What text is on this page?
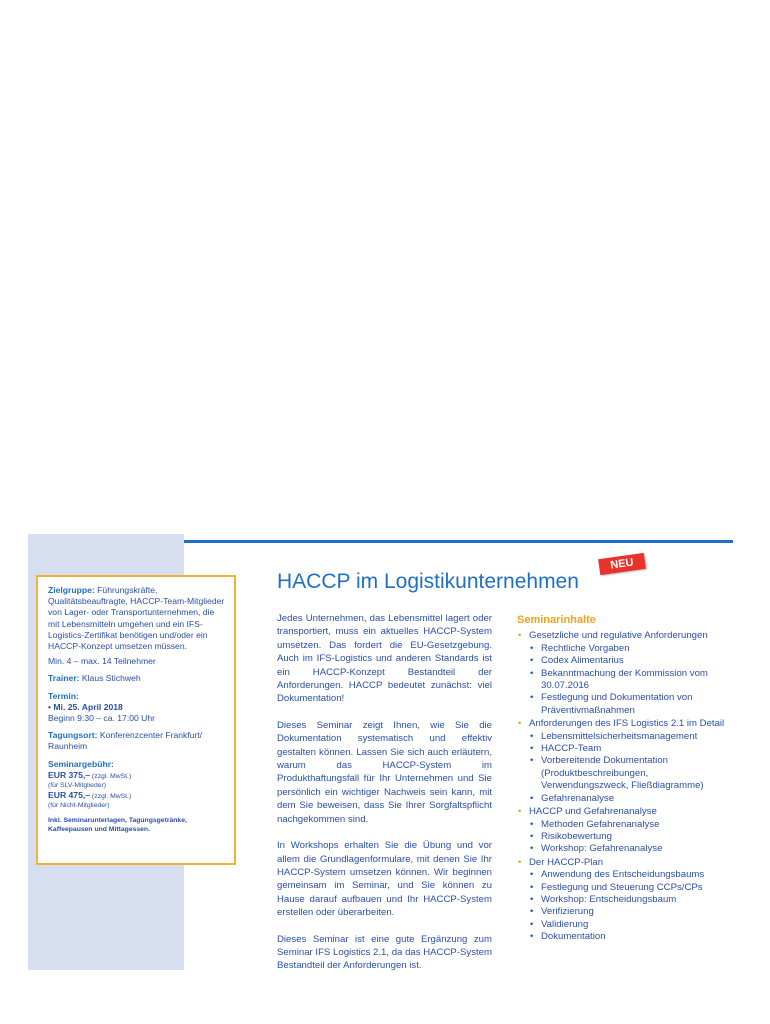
Zielgruppe: Führungskräfte, Qualitätsbeauftragte, HACCP-Team-Mitglieder von Lager- oder Transportunternehmen, die mit Lebensmitteln umgehen und ein IFS-Logistics-Zertifikat benötigen und/oder ein HACCP-Konzept umsetzen müssen.

Min. 4 – max. 14 Teilnehmer

Trainer: Klaus Stichweh

Termin:

• Mi. 25. April 2018

Beginn 9:30 – ca. 17:00 Uhr

Tagungsort: Konferenzcenter Frankfurt/ Raunheim

Seminargebühr:

EUR 375,– (zzgl. MwSt.)

(für SLV-Mitglieder)

EUR 475,– (zzgl. MwSt.)

(für Nicht-Mitglieder)

Inkl. Seminarunterlagen, Tagungsgetränke, Kaffeepausen und Mittagessen.

HACCP im Logistikunternehmen
NEU

Jedes Unternehmen, das Lebensmittel lagert oder transportiert, muss ein aktuelles HACCP-System umsetzen. Das fordert die EU-Gesetzgebung. Auch im IFS-Logistics und anderen Standards ist ein HACCP-Konzept Bestandteil der Anforderungen. HACCP bedeutet zunächst: viel Dokumentation!

Dieses Seminar zeigt Ihnen, wie Sie die Dokumentation systematisch und effektiv gestalten können. Lassen Sie sich auch erläutern, warum das HACCP-System im Produkthaftungsfall für Ihr Unternehmen und Sie persönlich ein wichtiger Nachweis sein kann, mit dem Sie beweisen, dass Sie Ihrer Sorgfaltspflicht nachgekommen sind.

In Workshops erhalten Sie die Übung und vor allem die Grundlagenformulare, mit denen Sie Ihr HACCP-System umsetzen können. Wir beginnen gemeinsam im Seminar, und Sie können zu Hause darauf aufbauen und Ihr HACCP-System erstellen oder überarbeiten.

Dieses Seminar ist eine gute Ergänzung zum Seminar IFS Logistics 2.1, da das HACCP-System Bestandteil der Anforderungen ist.

Seminarinhalte
• Gesetzliche und regulative Anforderungen
• Rechtliche Vorgaben
• Codex Alimentarius
• Bekanntmachung der Kommission vom 30.07.2016
• Festlegung und Dokumentation von Präventivmaßnahmen
• Anforderungen des IFS Logistics 2.1 im Detail
• Lebensmittelsicherheitsmanagement
• HACCP-Team
• Vorbereitende Dokumentation (Produktbeschreibungen, Verwendungszweck, Fließdiagramme)
• Gefahrenanalyse
• HACCP und Gefahrenanalyse
• Methoden Gefahrenanalyse
• Risikobewertung
• Workshop: Gefahrenanalyse
• Der HACCP-Plan
• Anwendung des Entscheidungsbaums
• Festlegung und Steuerung CCPs/CPs
• Workshop: Entscheidungsbaum
• Verifizierung
• Validierung
• Dokumentation
